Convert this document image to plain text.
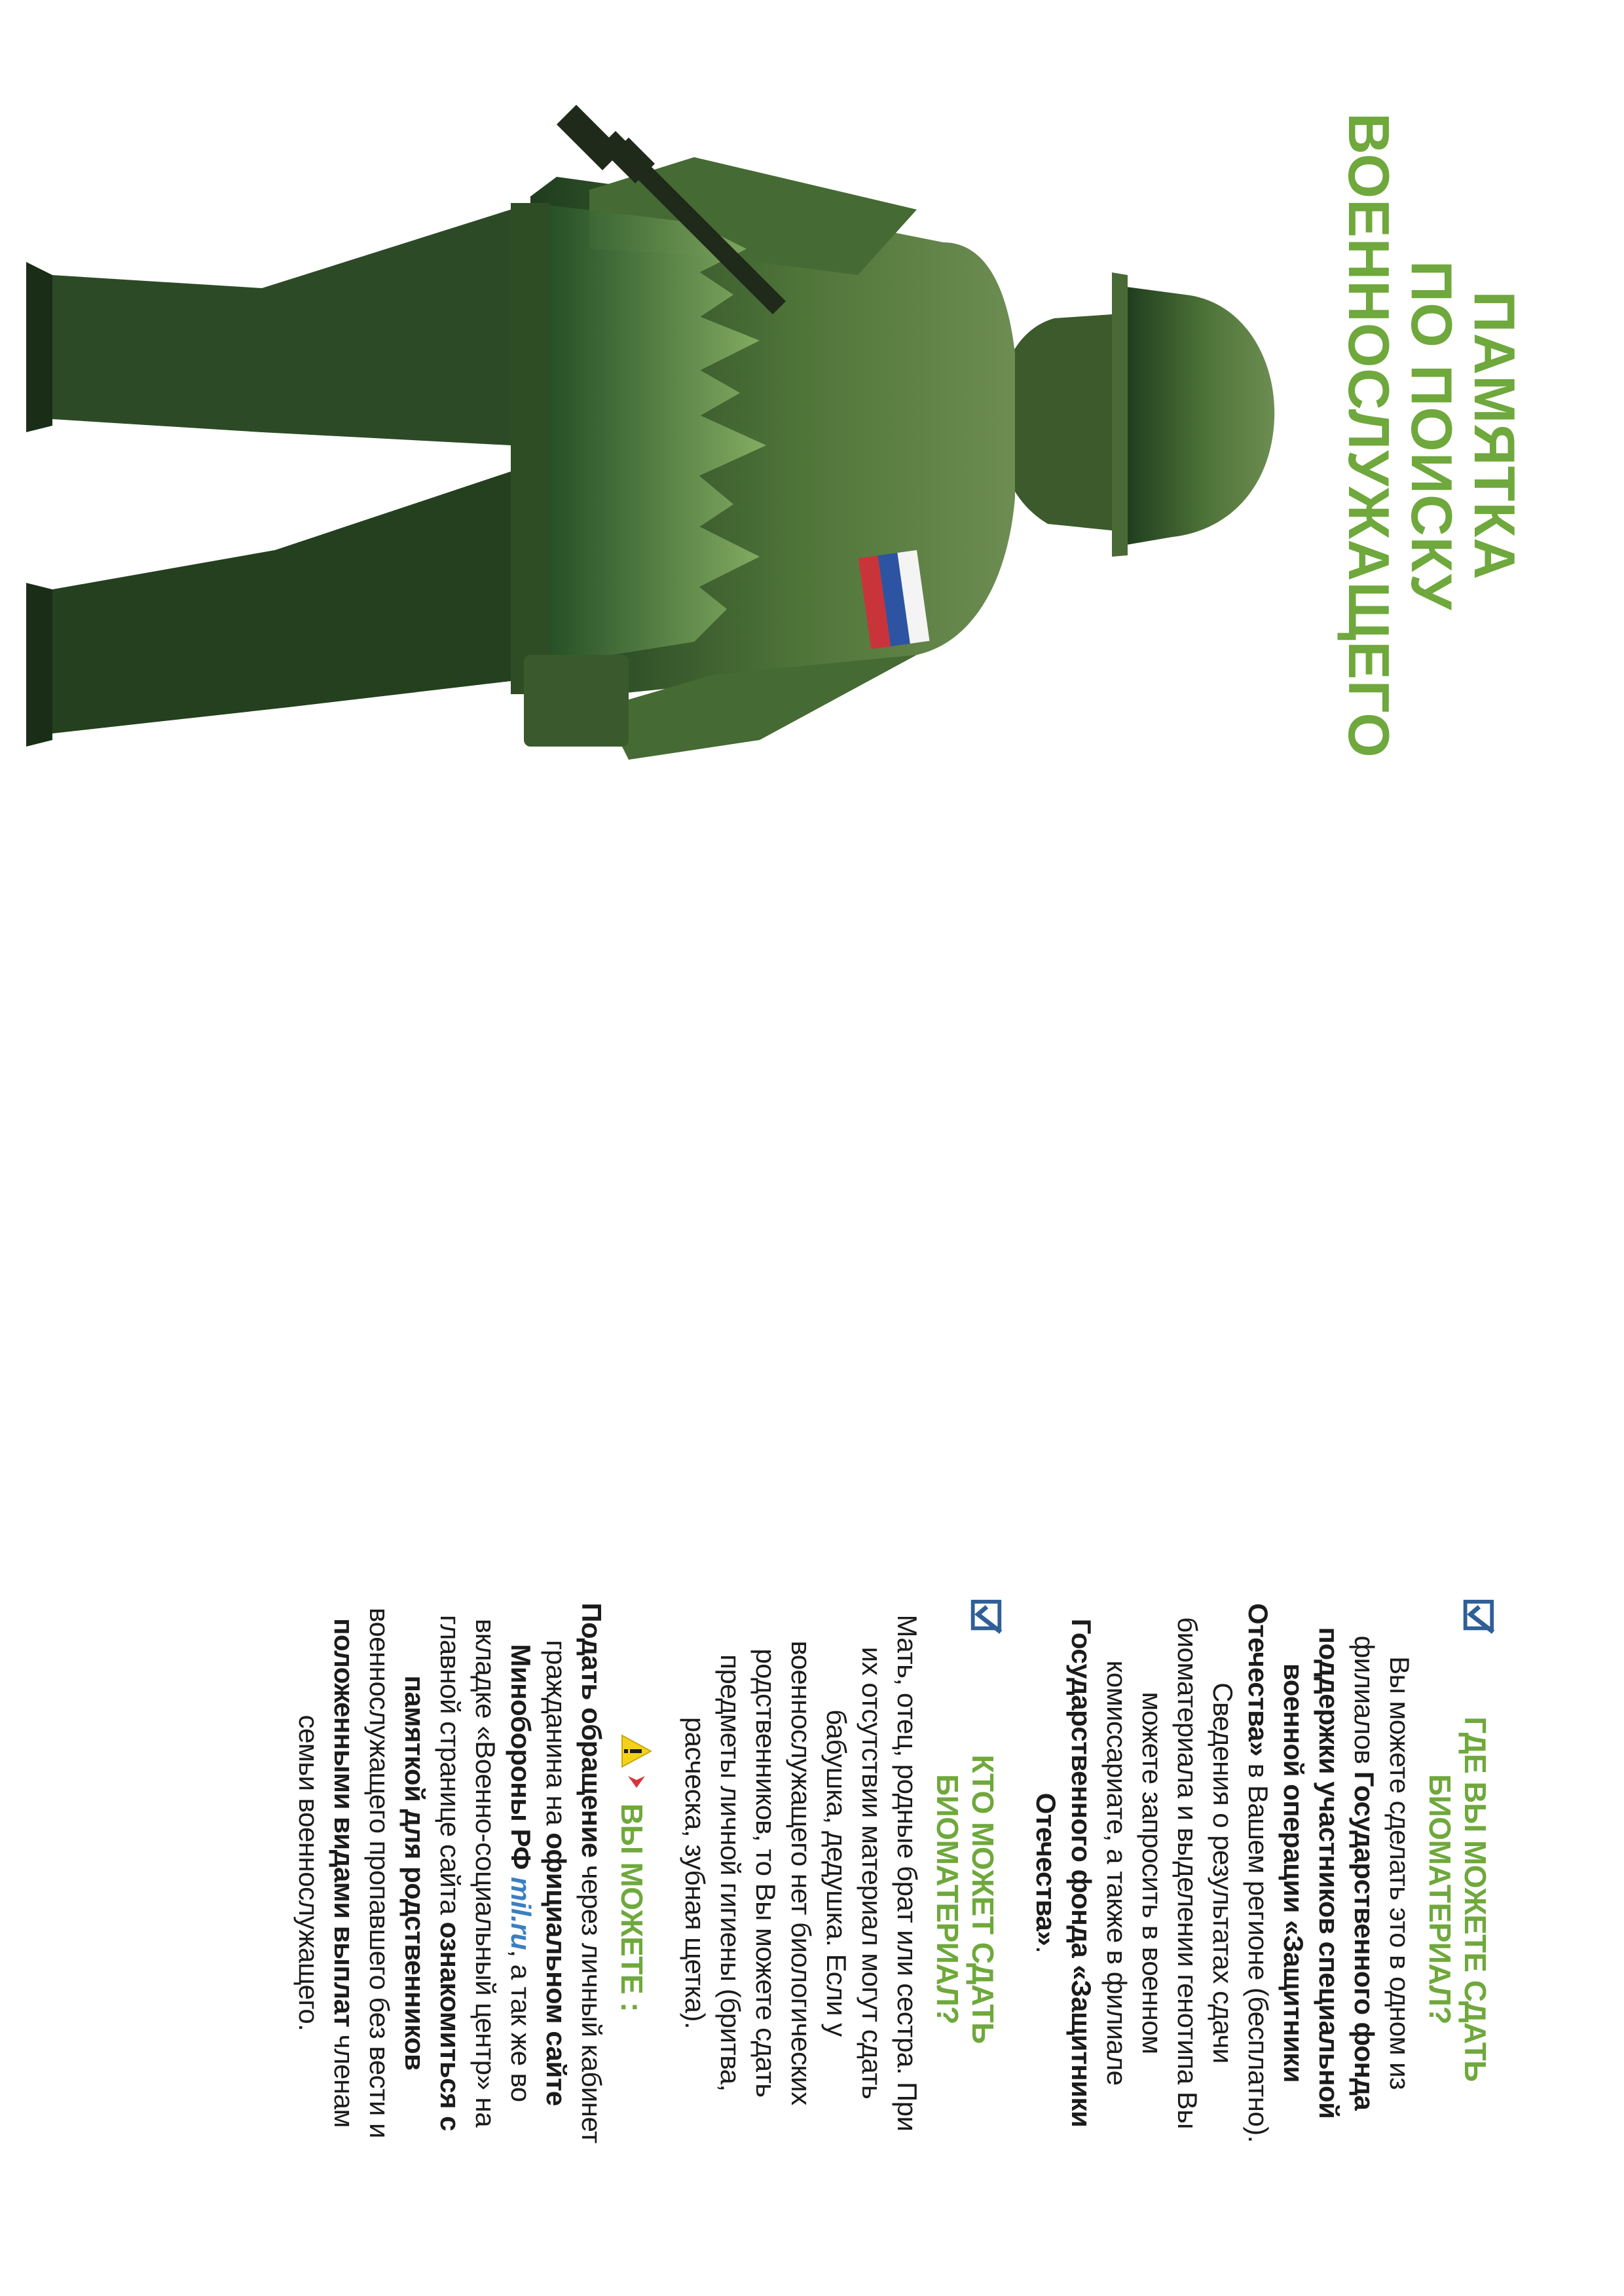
ПАМЯТКА
ПО ПОИСКУ
ВОЕННОСЛУЖАЩЕГО
ГДЕ ВЫ МОЖЕТЕ СДАТЬ БИОМАТЕРИАЛ?

Вы можете сделать это в одном из филиалов Государственного фонда поддержки участников специальной военной операции «Защитники Отечества» в Вашем регионе (бесплатно). Сведения о результатах сдачи биоматериала и выделении генотипа Вы можете запросить в военном комиссариате, а также в филиале Государственного фонда «Защитники Отечества».

КТО МОЖЕТ СДАТЬ БИОМАТЕРИАЛ?

Мать, отец, родные брат или сестра. При их отсутствии материал могут сдать бабушка, дедушка. Если у военнослужащего нет биологических родственников, то Вы можете сдать предметы личной гигиены (бритва, расческа, зубная щетка).

ВЫ МОЖЕТЕ :

Подать обращение через личный кабинет гражданина на официальном сайте Минобороны РФ mil.ru, а так же во вкладке «Военно-социальный центр» на главной странице сайта ознакомиться с памяткой для родственников военнослужащего пропавшего без вести и положенными видами выплат членам семьи военнослужащего.
